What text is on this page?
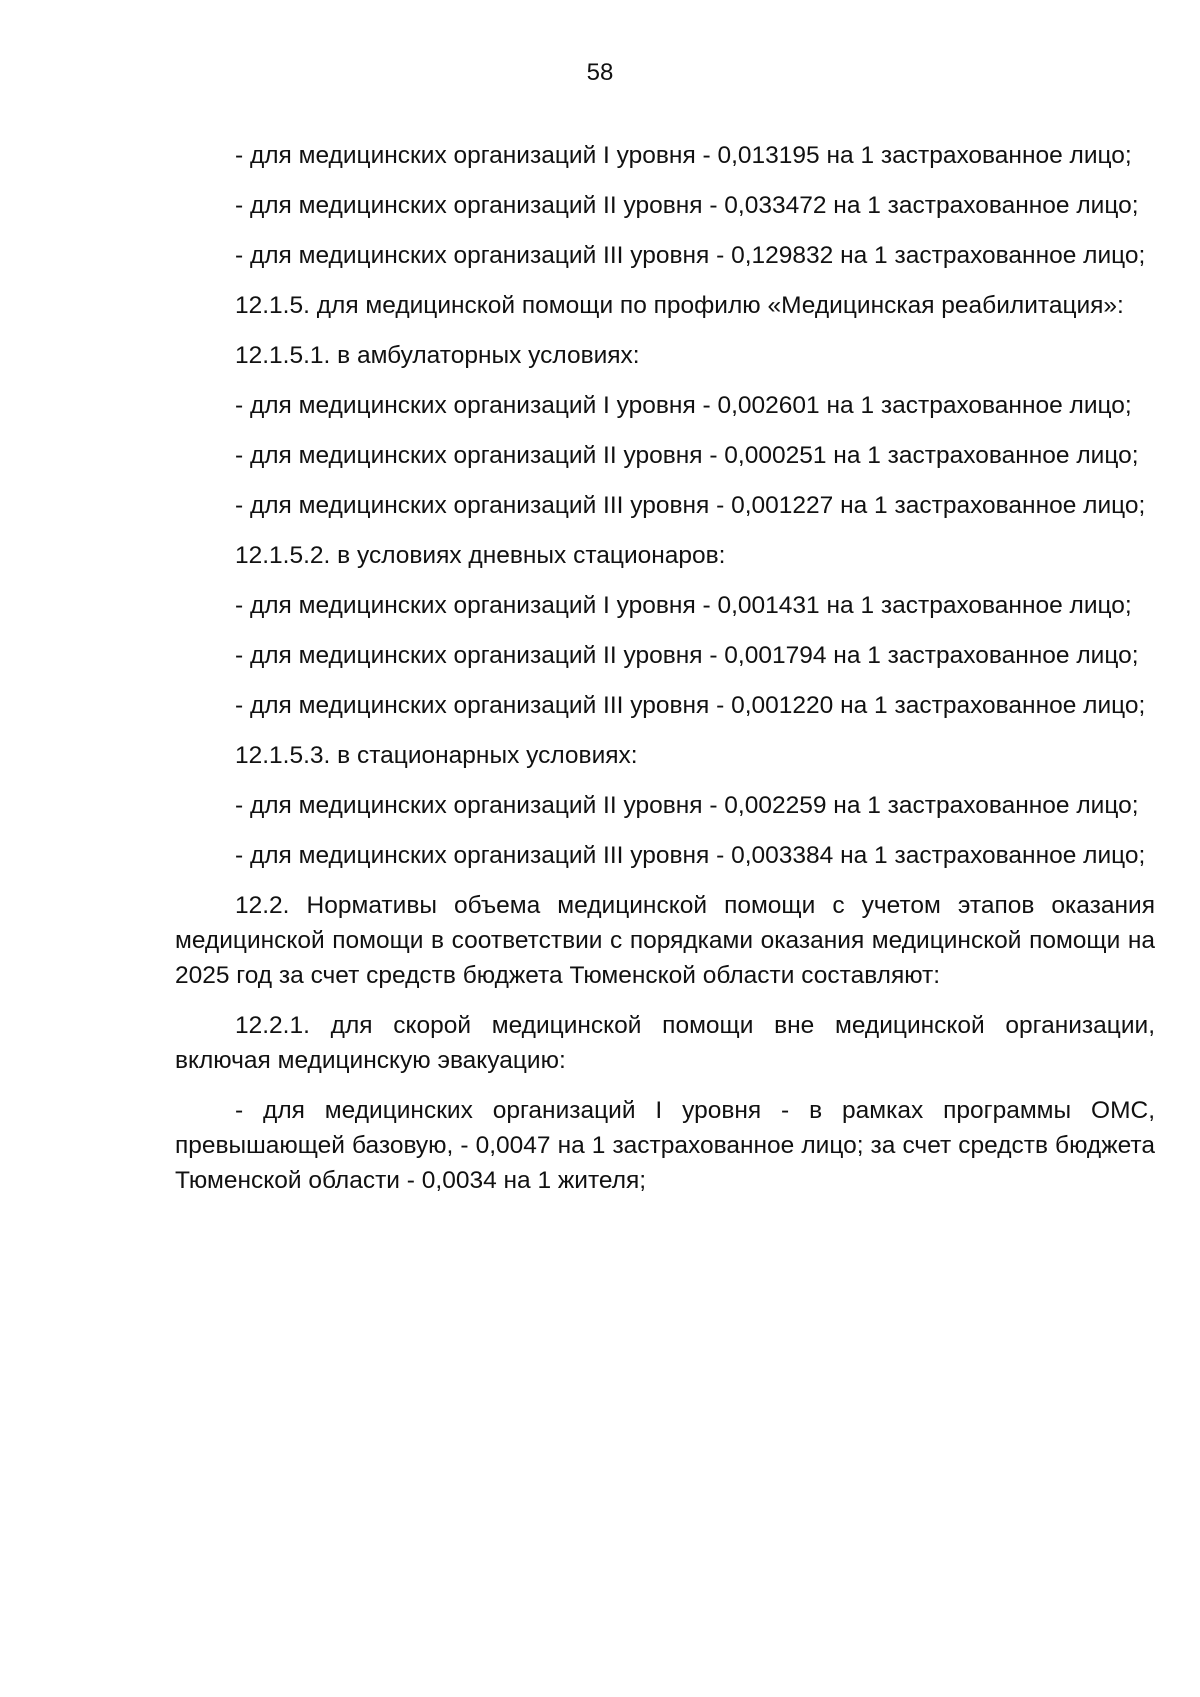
58

- для медицинских организаций I уровня - 0,013195 на 1 застрахованное лицо;

- для медицинских организаций II уровня - 0,033472 на 1 застрахованное лицо;

- для медицинских организаций III уровня - 0,129832 на 1 застрахованное лицо;

12.1.5. для медицинской помощи по профилю «Медицинская реабилитация»:

12.1.5.1. в амбулаторных условиях:

- для медицинских организаций I уровня - 0,002601 на 1 застрахованное лицо;

- для медицинских организаций II уровня - 0,000251 на 1 застрахованное лицо;

- для медицинских организаций III уровня - 0,001227 на 1 застрахованное лицо;

12.1.5.2. в условиях дневных стационаров:

- для медицинских организаций I уровня - 0,001431 на 1 застрахованное лицо;

- для медицинских организаций II уровня - 0,001794 на 1 застрахованное лицо;

- для медицинских организаций III уровня - 0,001220 на 1 застрахованное лицо;

12.1.5.3. в стационарных условиях:

- для медицинских организаций II уровня - 0,002259 на 1 застрахованное лицо;

- для медицинских организаций III уровня - 0,003384 на 1 застрахованное лицо;

12.2. Нормативы объема медицинской помощи с учетом этапов оказания медицинской помощи в соответствии с порядками оказания медицинской помощи на 2025 год за счет средств бюджета Тюменской области составляют:

12.2.1. для скорой медицинской помощи вне медицинской организации, включая медицинскую эвакуацию:

- для медицинских организаций I уровня - в рамках программы ОМС, превышающей базовую, - 0,0047 на 1 застрахованное лицо; за счет средств бюджета Тюменской области - 0,0034 на 1 жителя;
